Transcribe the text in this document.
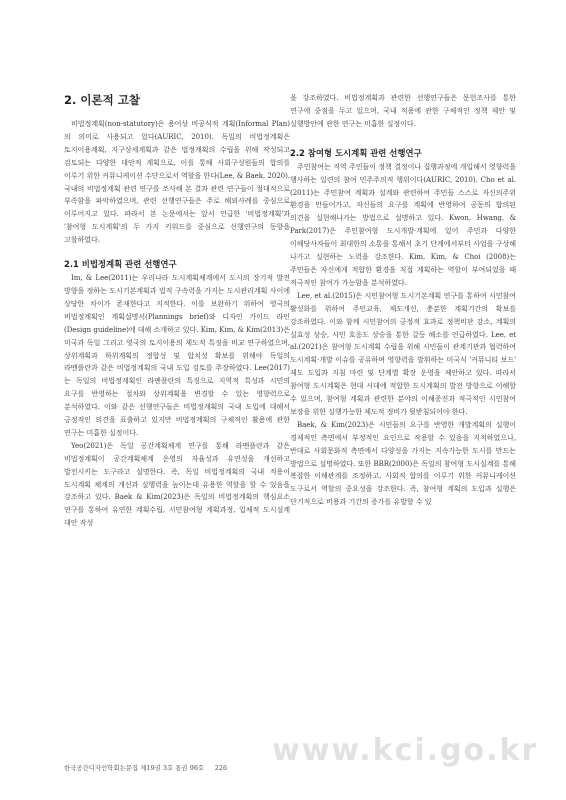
2. 이론적 고찰

비법정계획(non-statutory)은 용어상 비공식적 계획(Informal Plan)의 의미로 사용되고 있다(AURIC, 2010). 독일의 비법정계획은 토지이용계획, 지구상세계획과 같은 법정계획의 수립을 위해 작성되고 검토되는 다양한 대안적 계획으로, 이를 통해 사회구성원들의 합의를 이루기 위한 커뮤니케이션 수단으로서 역할을 한다(Lee, & Baek, 2020). 국내의 비법정계획 관련 연구를 조사해 본 결과 관련 연구들이 절대적으로 부족함을 파악하였으며, 관련 선행연구들은 주로 해외사례를 중심으로 이루어지고 있다. 따라서 본 논문에서는 앞서 언급한 '비법정계획'과 '참여형 도시계획'의 두 가지 키워드를 중심으로 선행연구의 동향을 고찰하였다.

2.1 비법정계획 관련 선행연구

Im, & Lee(2011)는 우리나라 도시계획체계에서 도시의 장기적 발전 방향을 정하는 도시기본계획과 법적 구속력을 가지는 도시관리계획 사이에 상당한 차이가 존재한다고 지적한다. 이를 보완하기 위하여 영국의 비법정계획인 계획설명서(Plannings brief)와 디자인 가이드 라인(Design guideline)에 대해 소개하고 있다. Kim, Kim, & Kim(2013)은 미국과 독일 그리고 영국의 토지이용의 제도적 특징을 비교 연구하였으며, 상위계획과 하위계획의 정합성 및 합치성 확보를 위해야 독일의 라멘플란과 같은 비법정계획의 국내 도입 검토를 주장하였다. Lee(2017)는 독일의 비법정계획인 라멘플란의 특징으로 지역적 특성과 시민의 요구를 반영하는 절차와 상위계획을 변경할 수 있는 영향력으로 분석하였다. 이와 같은 선행연구들은 비법정계획의 국내 도입에 대해서 긍정적인 의견을 표출하고 있지만 비법정계획의 구체적인 활용에 관한 연구는 미흡한 실정이다.

Yeo(2021)은 독일 공간계획체계 연구를 통해 라멘플란과 같은 비법정계획이 공간계획체계 운영의 자율성과 유연성을 개선하고 발전시키는 도구라고 설명한다. 즉, 독일 비법정계획의 국내 적용이 도시계획 체계의 개선과 실행력을 높이는데 유용한 역할을 할 수 있음을 강조하고 있다. Baek & Kim(2023)은 독일의 비법정계획의 핵심요소 연구를 통하여 유연한 계획수립, 시민참여형 계획과정, 입체적 도시설계 대안 작성

을 강조하였다. 비법정계획과 관련한 선행연구들은 문헌조사를 통한 연구에 중점을 두고 있으며, 국내 적용에 관한 구체적인 정책 제안 및 실행방안에 관한 연구는 미흡한 실정이다.

2.2 참여형 도시계획 관련 선행연구

주민참여는 지역 주민들이 정책 결정이나 집행과정에 개입해서 영향력을 행사하는 일련의 참여 민주주의적 행위이다(AURIC, 2010). Cho et al.(2011)는 주민참여 계획과 설계와 관련하여 주민들 스스로 자신의주위 환경을 만들어가고, 자신들의 요구를 계획에 반영하여 공동의 합의된 의견을 실현해나가는 방법으로 설명하고 있다. Kwon, Hwang, & Park(2017)은 주민참여형 도시개발·계획에 있어 주민과 다양한 이해당사자들이 최대한의 소통을 통해서 초기 단계에서부터 사업을 구상해 나가고 실현하는 노력을 강조한다. Kim, Kim, & Choi (2008)는 주민들은 자신에게 적합한 환경을 직접 계획하는 역할이 부여되었을 때 적극적인 참여가 가능함을 분석하였다.

Lee, et al.(2015)은 시민참여형 도시기본계획 연구를 통하여 시민참여 활성화를 위하여 주민교육, 제도개선, 충분한 계획기간의 확보를 강조하였다. 이와 함께 시민참여의 긍정적 효과로 정책비판 감소, 계획의 실효성 상승, 시민 호응도 상승을 통한 갈등 해소를 언급하였다. Lee, et al.(2021)은 참여형 도시계획 수립을 위해 시민들이 관계기관과 협력하여 도시계획·개발 이슈를 공유하며 영향력을 발휘하는 미국식 '커뮤니티 보드' 제도 도입과 지침 마련 및 단계별 확장 운영을 제안하고 있다. 따라서 참여형 도시계획은 현대 시대에 적합한 도시계획의 발전 방향으로 이해할 수 있으며, 참여형 계획과 관련한 분야의 이해증진과 적극적인 시민참여 보장을 위한 실행가능한 제도적 정비가 뒷받침되어야 한다.

Baek, & Kim(2023)은 시민들의 요구를 반영한 개발계획의 실행이 경제적인 측면에서 부정적인 요인으로 작용할 수 있음을 지적하였으나, 반대로 사회문화적 측면에서 다양성을 가지는 지속가능한 도시를 만드는 방법으로 설명하였다. 또한 BBR(2000)은 독일의 참여형 도시설계를 통해 복잡한 이해관계를 조정하고, 사회적 합의를 이루기 위한 커뮤니케이션 도구로서 역할의 중요성을 강조한다. 즉, 참여형 계획의 도입과 실행은 단기적으로 비용과 기간의 증가를 유발할 수 있

한국공간디자인학회논문집 제19권 3호 통권 96호 226
www.kci.go.kr
